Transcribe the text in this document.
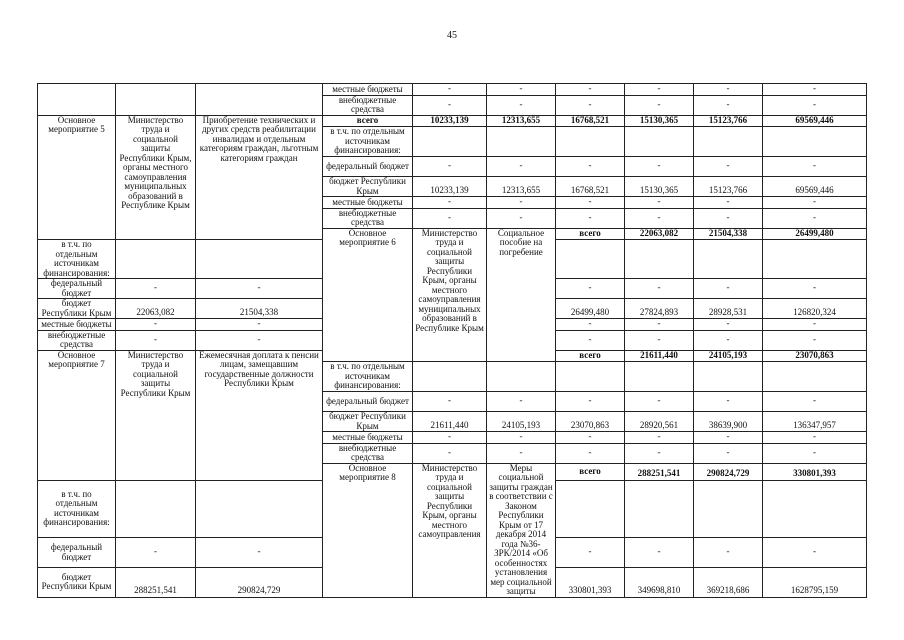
45
			местные бюджеты	-	-	-	-	-	-	
			внебюджетные средства	-	-	-	-	-	-	
Основное мероприятие 5	Министерство труда и социальной защиты Республики Крым, органы местного самоуправления муниципальных образований в Республике Крым	Приобретение технических и других средств реабилитации инвалидам и отдельным категориям граждан, льготным категориям граждан	всего	10233,139	12313,655	16768,521	15130,365	15123,766	69569,446	
			в т.ч. по отдельным источникам финансирования:							
			федеральный бюджет	-	-	-	-	-	-	
			бюджет Республики Крым	10233,139	12313,655	16768,521	15130,365	15123,766	69569,446	
			местные бюджеты	-	-	-	-	-	-	
			внебюджетные средства	-	-	-	-	-	-	
			Основное мероприятие 6	Министерство труда и социальной защиты Республики Крым, органы местного самоуправления муниципальных образований в Республике Крым	Социальное пособие на погребение	всего	22063,082	21504,338	26499,480			
в т.ч. по отдельным источникам финансирования:										
федеральный бюджет	-	-				-	-	-	-	
бюджет Республики Крым	22063,082	21504,338				26499,480	27824,893	28928,531	126820,324	
местные бюджеты	-	-				-	-	-	-	
внебюджетные средства	-	-				-	-	-	-	
Основное мероприятие 7	Министерство труда и социальной защиты Республики Крым	Ежемесячная доплата к пенсии лицам, замещавшим государственные должности Республики Крым				всего	21611,440	24105,193	23070,863			
			в т.ч. по отдельным источникам финансирования:							
			федеральный бюджет	-	-	-	-	-	-	
			бюджет Республики Крым	21611,440	24105,193	23070,863	28920,561	38639,900	136347,957	
			местные бюджеты	-	-	-	-	-	-	
			внебюджетные средства	-	-	-	-	-	-	
			Основное мероприятие 8	Министерство труда и социальной защиты Республики Крым, органы местного самоуправления	Меры социальной защиты граждан в соответствии с Законом Республики Крым от 17 декабря 2014 года №36-ЗРК/2014 «Об особенностях установления мер социальной защиты	всего	288251,541	290824,729	330801,393			
в т.ч. по отдельным источникам финансирования:										
федеральный бюджет	-	-				-	-	-	-	
бюджет Республики Крым	288251,541	290824,729				330801,393	349698,810	369218,686	1628795,159	
